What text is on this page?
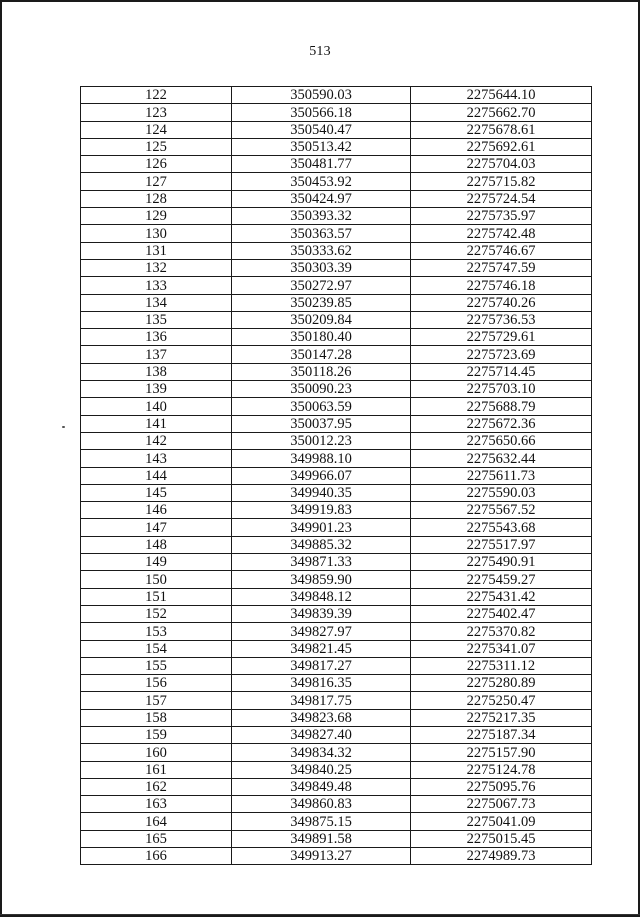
513
122	350590.03	2275644.10
123	350566.18	2275662.70
124	350540.47	2275678.61
125	350513.42	2275692.61
126	350481.77	2275704.03
127	350453.92	2275715.82
128	350424.97	2275724.54
129	350393.32	2275735.97
130	350363.57	2275742.48
131	350333.62	2275746.67
132	350303.39	2275747.59
133	350272.97	2275746.18
134	350239.85	2275740.26
135	350209.84	2275736.53
136	350180.40	2275729.61
137	350147.28	2275723.69
138	350118.26	2275714.45
139	350090.23	2275703.10
140	350063.59	2275688.79
141	350037.95	2275672.36
142	350012.23	2275650.66
143	349988.10	2275632.44
144	349966.07	2275611.73
145	349940.35	2275590.03
146	349919.83	2275567.52
147	349901.23	2275543.68
148	349885.32	2275517.97
149	349871.33	2275490.91
150	349859.90	2275459.27
151	349848.12	2275431.42
152	349839.39	2275402.47
153	349827.97	2275370.82
154	349821.45	2275341.07
155	349817.27	2275311.12
156	349816.35	2275280.89
157	349817.75	2275250.47
158	349823.68	2275217.35
159	349827.40	2275187.34
160	349834.32	2275157.90
161	349840.25	2275124.78
162	349849.48	2275095.76
163	349860.83	2275067.73
164	349875.15	2275041.09
165	349891.58	2275015.45
166	349913.27	2274989.73
